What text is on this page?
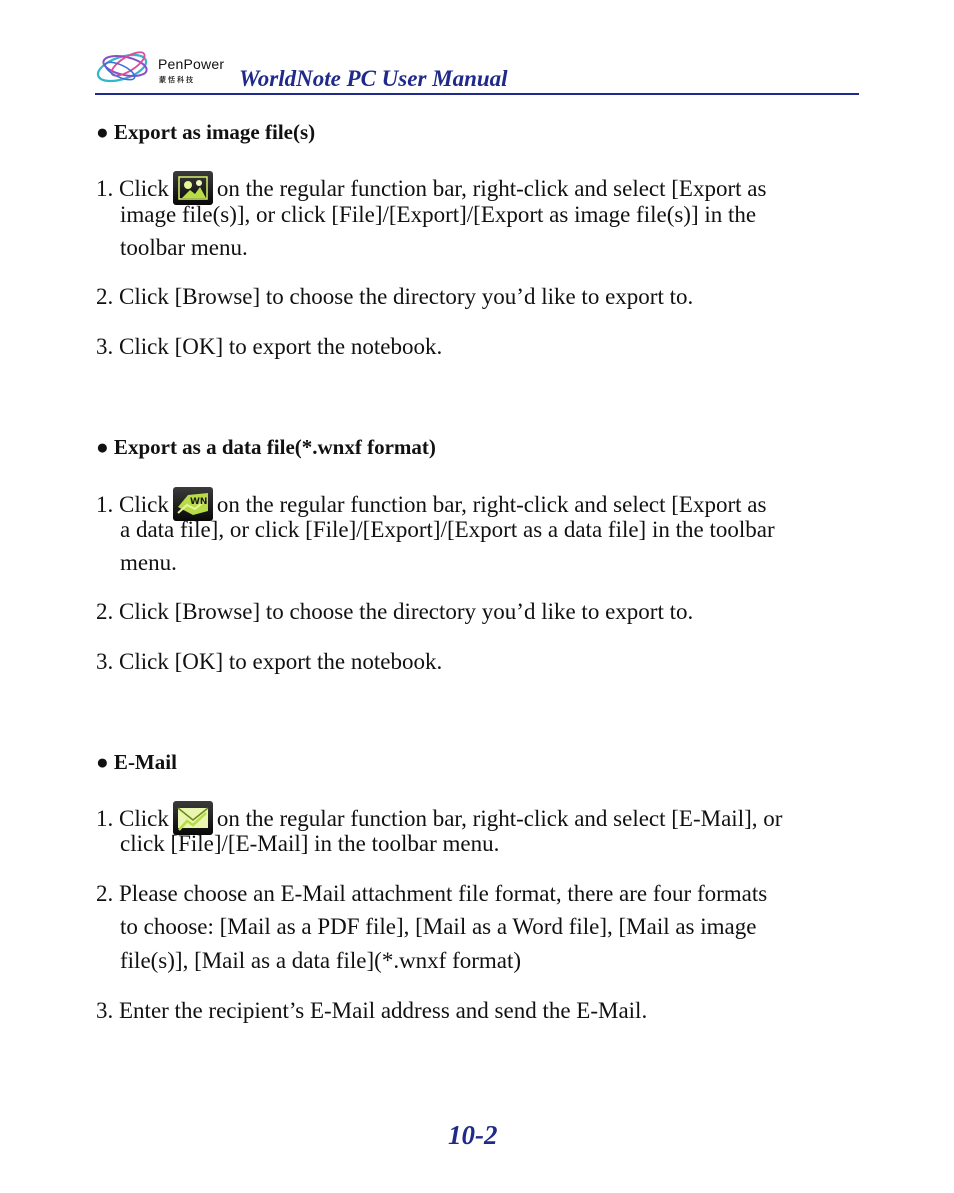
PenPower
蒙恬科技 WorldNote PC User Manual
● Export as image file(s)
1. Click on the regular function bar, right-click and select [Export as
image file(s)], or click [File]/[Export]/[Export as image file(s)] in the
toolbar menu.
2. Click [Browse] to choose the directory you’d like to export to.
3. Click [OK] to export the notebook.
● Export as a data file(*.wnxf format)
1. Click WN on the regular function bar, right-click and select [Export as
a data file], or click [File]/[Export]/[Export as a data file] in the toolbar
menu.
2. Click [Browse] to choose the directory you’d like to export to.
3. Click [OK] to export the notebook.
● E-Mail
1. Click on the regular function bar, right-click and select [E-Mail], or
click [File]/[E-Mail] in the toolbar menu.
2. Please choose an E-Mail attachment file format, there are four formats
to choose: [Mail as a PDF file], [Mail as a Word file], [Mail as image
file(s)], [Mail as a data file](*.wnxf format)
3. Enter the recipient’s E-Mail address and send the E-Mail.
10-2
